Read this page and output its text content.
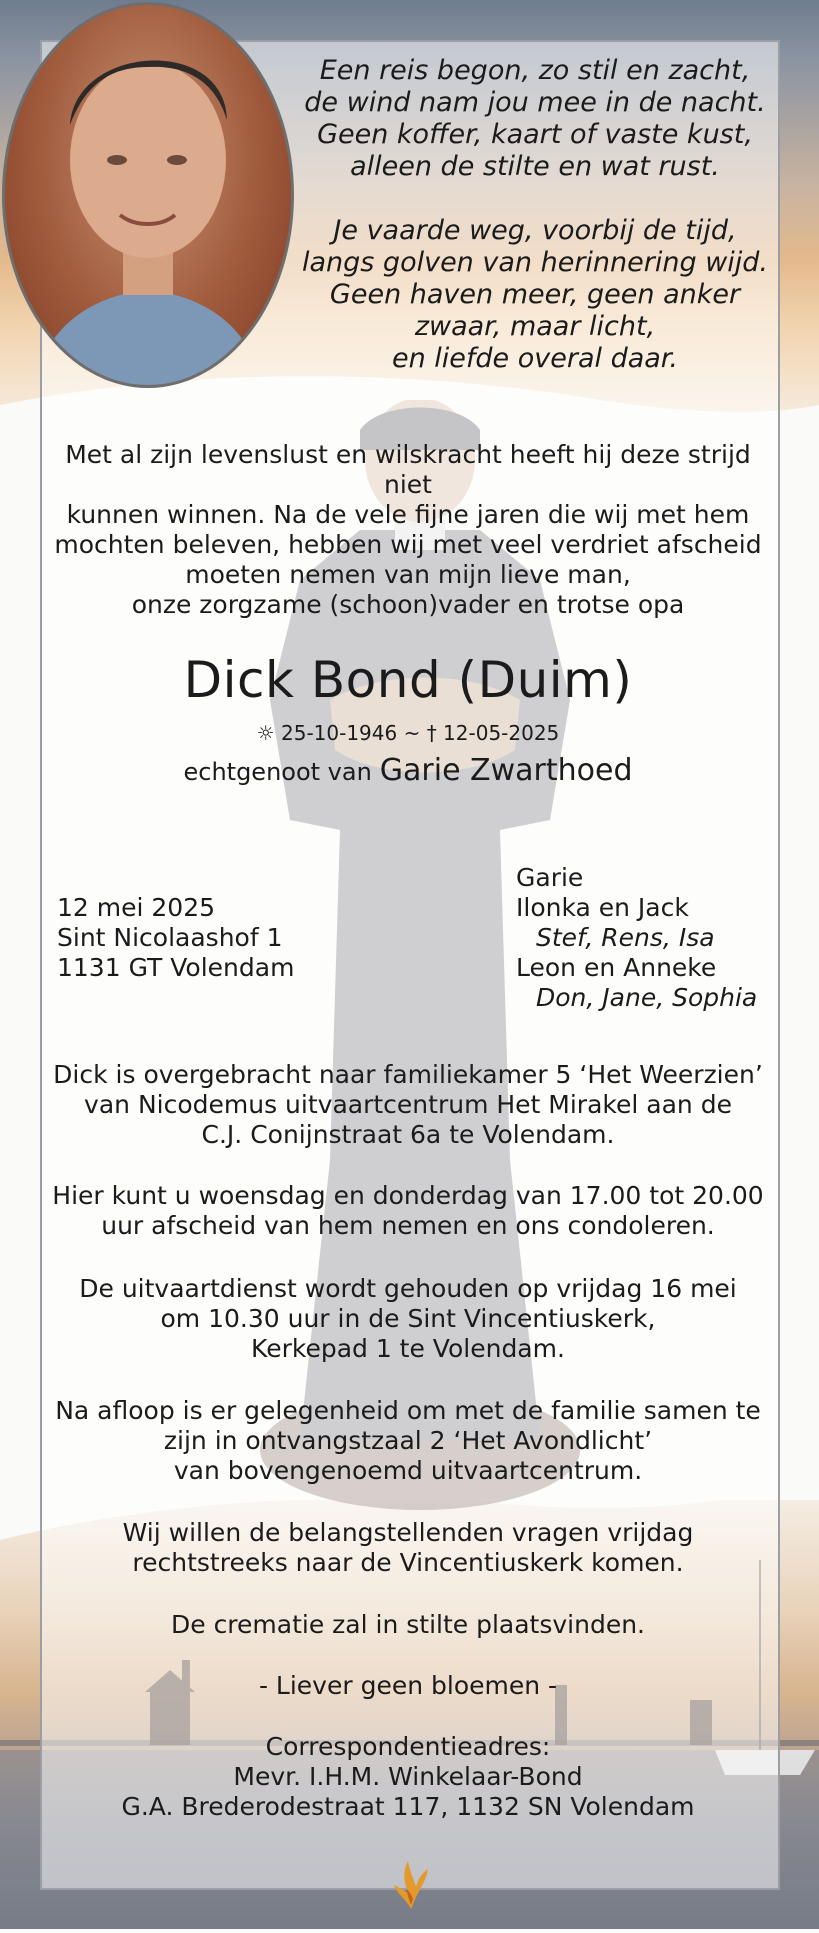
Een reis begon, zo stil en zacht,
de wind nam jou mee in de nacht.
Geen koffer, kaart of vaste kust,
alleen de stilte en wat rust.
Je vaarde weg, voorbij de tijd,
langs golven van herinnering wijd.
Geen haven meer, geen anker
zwaar, maar licht,
en liefde overal daar.
Met al zijn levenslust en wilskracht heeft hij deze strijd niet
kunnen winnen. Na de vele fijne jaren die wij met hem
mochten beleven, hebben wij met veel verdriet afscheid
moeten nemen van mijn lieve man,
onze zorgzame (schoon)vader en trotse opa
Dick Bond (Duim)
☼ 25-10-1946 ~ † 12-05-2025
echtgenoot van Garie Zwarthoed
12 mei 2025
Sint Nicolaashof 1
1131 GT Volendam
Garie
Ilonka en Jack
Stef, Rens, Isa
Leon en Anneke
Don, Jane, Sophia
Dick is overgebracht naar familiekamer 5 ‘Het Weerzien’
van Nicodemus uitvaartcentrum Het Mirakel aan de
C.J. Conijnstraat 6a te Volendam.
Hier kunt u woensdag en donderdag van 17.00 tot 20.00
uur afscheid van hem nemen en ons condoleren.
De uitvaartdienst wordt gehouden op vrijdag 16 mei
om 10.30 uur in de Sint Vincentiuskerk,
Kerkepad 1 te Volendam.
Na afloop is er gelegenheid om met de familie samen te
zijn in ontvangstzaal 2 ‘Het Avondlicht’
van bovengenoemd uitvaartcentrum.
Wij willen de belangstellenden vragen vrijdag
rechtstreeks naar de Vincentiuskerk komen.
De crematie zal in stilte plaatsvinden.
- Liever geen bloemen -
Correspondentieadres:
Mevr. I.H.M. Winkelaar-Bond
G.A. Brederodestraat 117, 1132 SN Volendam
